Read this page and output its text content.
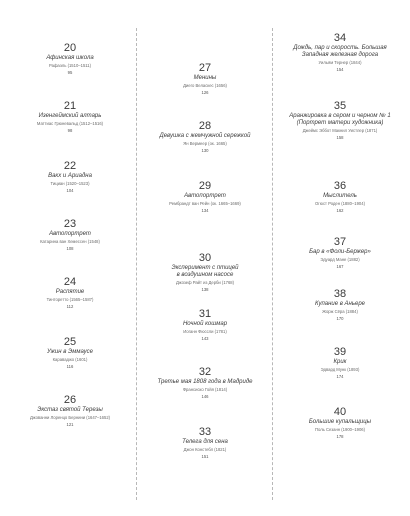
20
Афинская школа
Рафаэль (1510–1511)
95
21
Изенгеймский алтарь
Маттиас Грюневальд (1512–1516)
98
22
Вакх и Ариадна
Тициан (1520–1523)
104
23
Автопортрет
Катарина ван Хемессен (1548)
108
24
Распятие
Тинторетто (1565–1587)
112
25
Ужин в Эммаусе
Караваджо (1601)
116
26
Экстаз святой Терезы
Джованни Лоренцо Бернини (1647–1652)
121
27
Менины
Диего Веласкес (1656)
126
28
Девушка с жемчужной сережкой
Ян Вермеер (ок. 1665)
130
29
Автопортрет
Рембрандт ван Рейн (ок. 1665–1669)
134
30
Эксперимент с птицей
в воздушном насосе
Джозеф Райт из Дерби (1768)
138
31
Ночной кошмар
Иоганн Фюссли (1781)
143
32
Третье мая 1808 года в Мадриде
Франсиско Гойя (1814)
146
33
Телега для сена
Джон Констебл (1821)
151
34
Дождь, пар и скорость. Большая
Западная железная дорога
Уильям Тернер (1844)
154
35
Аранжировка в сером и черном № 1
(Портрет матери художника)
Джеймс Эббот Макнил Уистлер (1871)
158
36
Мыслитель
Огюст Роден (1880–1904)
162
37
Бар в «Фоли-Бержер»
Эдуард Мане (1882)
167
38
Купание в Аньере
Жорж Сёра (1884)
170
39
Крик
Эдвард Мунк (1893)
174
40
Большие купальщицы
Поль Сезанн (1900–1906)
178
